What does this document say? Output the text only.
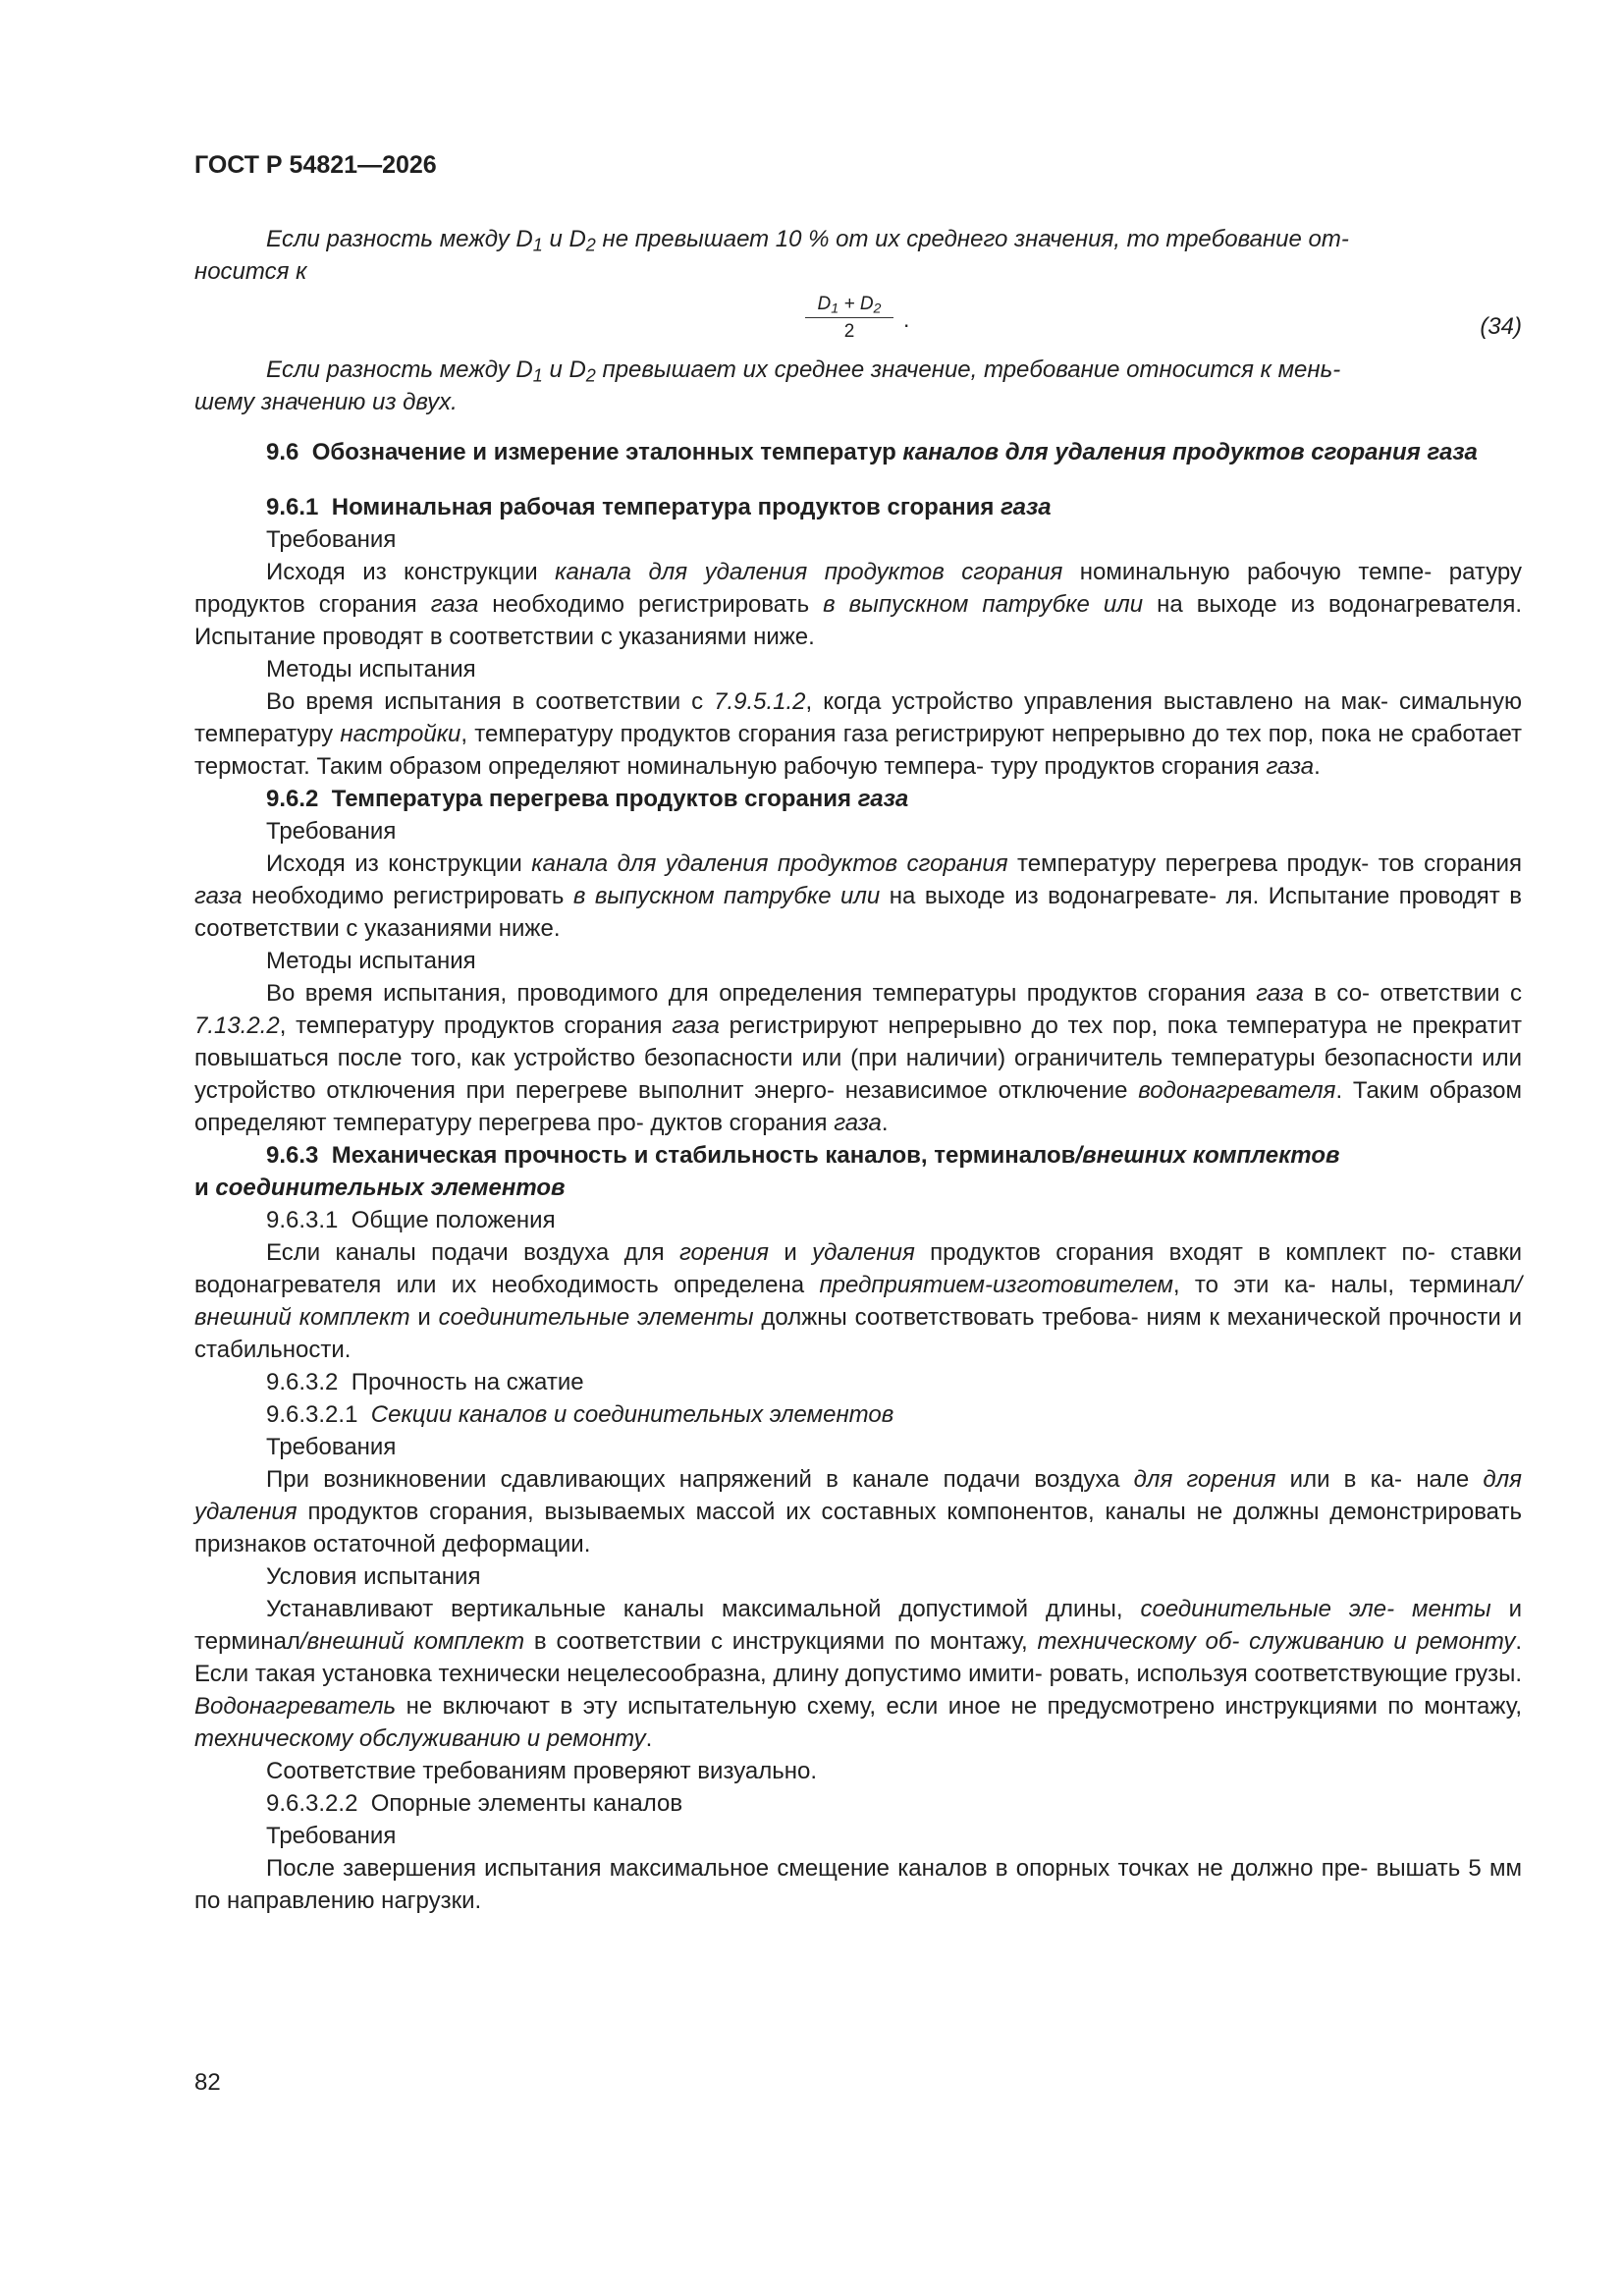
ГОСТ Р 54821—2026

Если разность между $D_1$ и $D_2$ не превышает 10 % от их среднего значения, то требование от-
носится к

$D_1 + D_2$
2	.	(34)

Если разность между $D_1$ и $D_2$ превышает их среднее значение, требование относится к мень-
шему значению из двух.

9.6 Обозначение и измерение эталонных температур каналов для удаления продуктов сгорания газа

9.6.1 Номинальная рабочая температура продуктов сгорания газа

Требования

Исходя из конструкции канала для удаления продуктов сгорания номинальную рабочую темпе- ратуру продуктов сгорания газа необходимо регистрировать в выпускном патрубке или на выходе из водонагревателя. Испытание проводят в соответствии с указаниями ниже.

Методы испытания

Во время испытания в соответствии с 7.9.5.1.2, когда устройство управления выставлено на мак- симальную температуру настройки, температуру продуктов сгорания газа регистрируют непрерывно до тех пор, пока не сработает термостат. Таким образом определяют номинальную рабочую темпера- туру продуктов сгорания газа.

9.6.2 Температура перегрева продуктов сгорания газа

Требования

Исходя из конструкции канала для удаления продуктов сгорания температуру перегрева продук- тов сгорания газа необходимо регистрировать в выпускном патрубке или на выходе из водонагревате- ля. Испытание проводят в соответствии с указаниями ниже.

Методы испытания

Во время испытания, проводимого для определения температуры продуктов сгорания газа в со- ответствии с 7.13.2.2, температуру продуктов сгорания газа регистрируют непрерывно до тех пор, пока температура не прекратит повышаться после того, как устройство безопасности или (при наличии) ограничитель температуры безопасности или устройство отключения при перегреве выполнит энерго- независимое отключение водонагревателя. Таким образом определяют температуру перегрева про- дуктов сгорания газа.

9.6.3 Механическая прочность и стабильность каналов, терминалов/внешних комплектов
и соединительных элементов

9.6.3.1 Общие положения

Если каналы подачи воздуха для горения и удаления продуктов сгорания входят в комплект по- ставки водонагревателя или их необходимость определена предприятием-изготовителем, то эти ка- налы, терминал/внешний комплект и соединительные элементы должны соответствовать требова- ниям к механической прочности и стабильности.

9.6.3.2 Прочность на сжатие

9.6.3.2.1 Секции каналов и соединительных элементов

Требования

При возникновении сдавливающих напряжений в канале подачи воздуха для горения или в ка- нале для удаления продуктов сгорания, вызываемых массой их составных компонентов, каналы не должны демонстрировать признаков остаточной деформации.

Условия испытания

Устанавливают вертикальные каналы максимальной допустимой длины, соединительные эле- менты и терминал/внешний комплект в соответствии с инструкциями по монтажу, техническому об- служиванию и ремонту. Если такая установка технически нецелесообразна, длину допустимо имити- ровать, используя соответствующие грузы. Водонагреватель не включают в эту испытательную схему, если иное не предусмотрено инструкциями по монтажу, техническому обслуживанию и ремонту.

Соответствие требованиям проверяют визуально.

9.6.3.2.2 Опорные элементы каналов

Требования

После завершения испытания максимальное смещение каналов в опорных точках не должно пре- вышать 5 мм по направлению нагрузки.

82
